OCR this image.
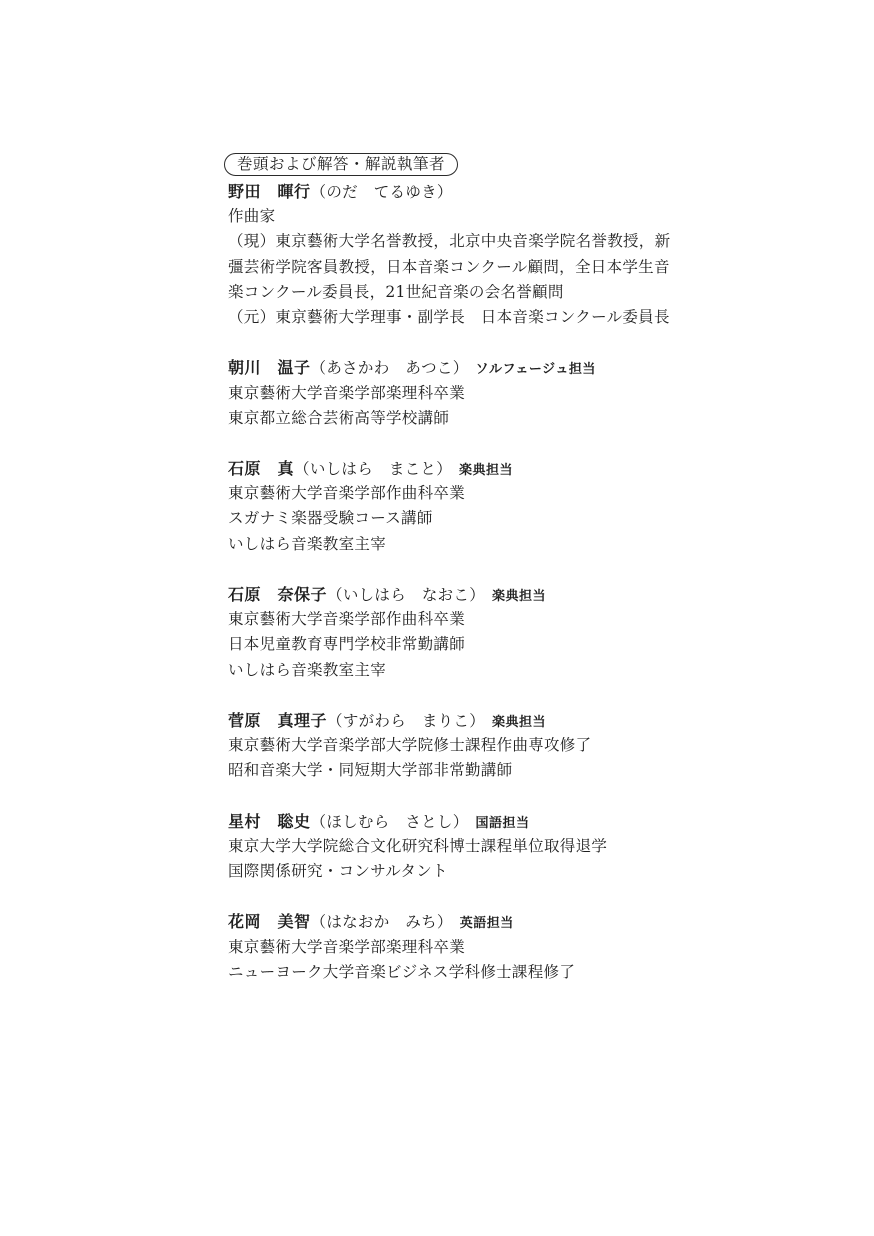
巻頭および解答・解説執筆者
野田　暉行（のだ　てるゆき）
作曲家
（現）東京藝術大学名誉教授，北京中央音楽学院名誉教授，新
彊芸術学院客員教授，日本音楽コンクール顧問，全日本学生音
楽コンクール委員長，21世紀音楽の会名誉顧問
（元）東京藝術大学理事・副学長　日本音楽コンクール委員長
朝川　温子（あさかわ　あつこ） ソルフェージュ担当
東京藝術大学音楽学部楽理科卒業
東京都立総合芸術高等学校講師
石原　真（いしはら　まこと） 楽典担当
東京藝術大学音楽学部作曲科卒業
スガナミ楽器受験コース講師
いしはら音楽教室主宰
石原　奈保子（いしはら　なおこ） 楽典担当
東京藝術大学音楽学部作曲科卒業
日本児童教育専門学校非常勤講師
いしはら音楽教室主宰
菅原　真理子（すがわら　まりこ） 楽典担当
東京藝術大学音楽学部大学院修士課程作曲専攻修了
昭和音楽大学・同短期大学部非常勤講師
星村　聡史（ほしむら　さとし） 国語担当
東京大学大学院総合文化研究科博士課程単位取得退学
国際関係研究・コンサルタント
花岡　美智（はなおか　みち） 英語担当
東京藝術大学音楽学部楽理科卒業
ニューヨーク大学音楽ビジネス学科修士課程修了
